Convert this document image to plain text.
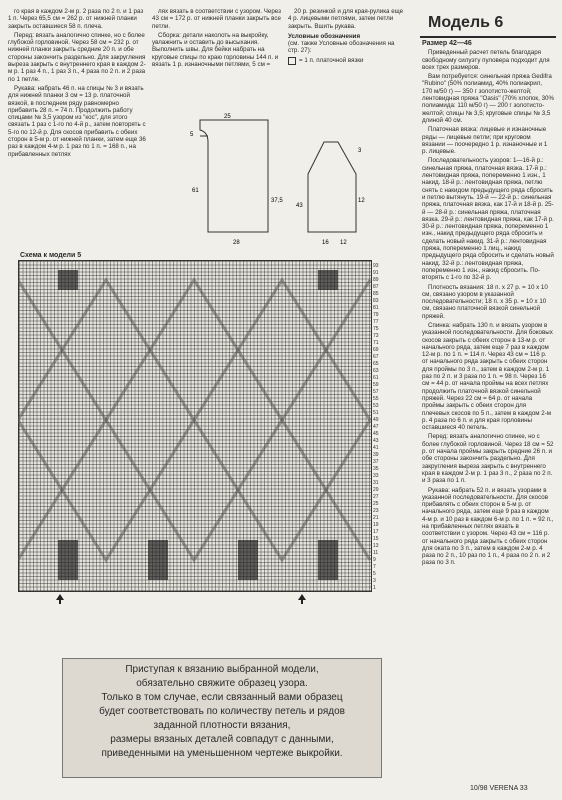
го края в каждом 2-м р. 2 раза по 2 п. и 1 раз 1 п. Через 65,5 см = 262 р. от нижней планки закрыть оставшиеся 58 п. плеча.

Перед: вязать аналогично спинке, но с более глубокой горловиной. Через 58 см = 232 р. от нижней планки закрыть средние 20 п. и обе стороны закончить раздельно. Для закругления выреза закрыть с внутреннего края в каждом 2-м р. 1 раз 4 п., 1 раз 3 п., 4 раза по 2 п. и 2 раза по 1 петле.

Рукава: набрать 46 п. на спицы № 3 и вязать для нижней планки 3 см = 13 р. платочной вязкой, в последнем ряду равномерно прибавить 28 п. = 74 п. Продолжить работу спицами № 3,5 узором из "кос", для этого связать 1 раз с 1-го по 4-й р., затем повторять с 5-го по 12-й р. Для скосов прибавить с обеих сторон в 5-м р. от нижней планки, затем еще 36 раз в каждом 4-м р. 1 раз по 1 п. = 168 п., на прибавленных петлях

лях вязать в соответствии с узором. Через 43 см = 172 р. от нижней планки закрыть все петли.

Сборка: детали наколоть на выкройку, увлажнить и оставить до высыхания. Выполнить швы. Для бейки набрать на круговые спицы по краю горловины 144 п. и вязать 1 р. изнаночными петлями, 5 см =

20 р. резинкой и для края-рулика еще 4 р. лицевыми петлями, затем петли закрыть. Вшить рукава.

Условные обозначения
(см. также Условные обозначения на стр. 27):
= 1 п. платочной вязки
25
5
61
37,5
28
43
12
3
16 12
Модель 6

Размер 42—46

Приведенный расчет петель благодаря свободному силуэту пуловера подходит для всех трех размеров.

Вам потребуется: синельная пряжа Gedifra "Rubino" (50% полиамид, 40% полиакрил, 170 м/50 г) — 350 г золотисто-желтой; лентовидная пряжа "Oasis" (70% хлопок, 30% полиамида: 110 м/50 г) — 200 г золотисто-желтой; спицы № 3,5; круговые спицы № 3,5 длиной 40 см.

Платочная вязка: лицевые и изнаночные ряды — лицевые петли; при круговом вязании — поочередно 1 р. изнаночные и 1 р. лицевые.

Последовательность узоров: 1—16-й р.: синельная пряжа, платочная вязка. 17-й р.: лентовидная пряжа, попеременно 1 изн., 1 накид. 18-й р.: лентовидная пряжа, петлю снять с накидом предыдущего ряда сбросить и петлю вытянуть. 19-й — 22-й р.: синельная пряжа, платочная вязка, как 17-й и 18-й р. 25-й — 28-й р.: синельная пряжа, платочная вязка. 29-й р.: лентовидная пряжа, как 17-й р. 30-й р.: лентовидная пряжа, попеременно 1 изн., накид предыдущего ряда сбросить и сделать новый накид. 31-й р.: лентовидная пряжа, попеременно 1 лиц., накид предыдущего ряда сбросить и сделать новый накид. 32-й р.: лентовидная пряжа, попеременно 1 изн., накид сбросить. По-вторять с 1-го по 32-й р.

Плотность вязания: 18 п. x 27 р. = 10 x 10 см, связано узором в указанной последовательности; 18 п. x 35 р. = 10 x 10 см, связано платочной вязкой синельной пряжей.

Спинка: набрать 130 п. и вязать узором в указанной последовательности. Для боковых скосов закрыть с обеих сторон в 13-м р. от начального ряда, затем еще 7 раз в каждом 12-м р. по 1 п. = 114 п. Через 43 см = 116 р. от начального ряда закрыть с обеих сторон для проймы по 3 п., затем в каждом 2-м р. 1 раз по 2 п. и 3 раза по 1 п. = 98 п. Через 16 см = 44 р. от начала проймы на всех петлях продолжить платочной вязкой синельной пряжей. Через 22 см = 64 р. от начала проймы закрыть с обеих сторон для плечевых скосов по 5 п., затем в каждом 2-м р. 4 раза по 6 п. и для края горловины оставшиеся 40 петель.

Перед: вязать аналогично спинке, но с более глубокой горловиной. Через 18 см = 52 р. от начала проймы закрыть средние 26 п. и обе стороны закончить раздельно. Для закругления выреза закрыть с внутреннего края в каждом 2-м р. 1 раз 3 п., 2 раза по 2 п. и 3 раза по 1 п.

Рукава: набрать 52 п. и вязать узорами в указанной последовательности. Для скосов прибавлять с обеих сторон в 5-м р. от начального ряда, затем еще 9 раз в каждом 4-м р. и 10 раз в каждом 6-м р. по 1 п. = 92 п., на прибавленных петлях вязать в соответствии с узором. Через 43 см = 116 р. от начального ряда закрыть с обеих сторон для оката по 3 п., затем в каждом 2-м р. 4 раза по 2 п., 10 раз по 1 п., 4 раза по 2 п. и 2 раза по 3 п.

Схема к модели 5
93
91
89
87
85
83
81
79
77
75
73
71
69
67
65
63
61
59
57
55
53
51
49
47
45
43
41
39
37
35
33
31
29
27
25
23
21
19
17
15
13
11
9
7
5
3
1
Приступая к вязанию выбранной модели,
обязательно свяжите образец узора.
Только в том случае, если связанный вами образец
будет соответствовать по количеству петель и рядов
заданной плотности вязания,
размеры вязаных деталей совпадут с данными,
приведенными на уменьшенном чертеже выкройки.
10/98 VERENA 33
